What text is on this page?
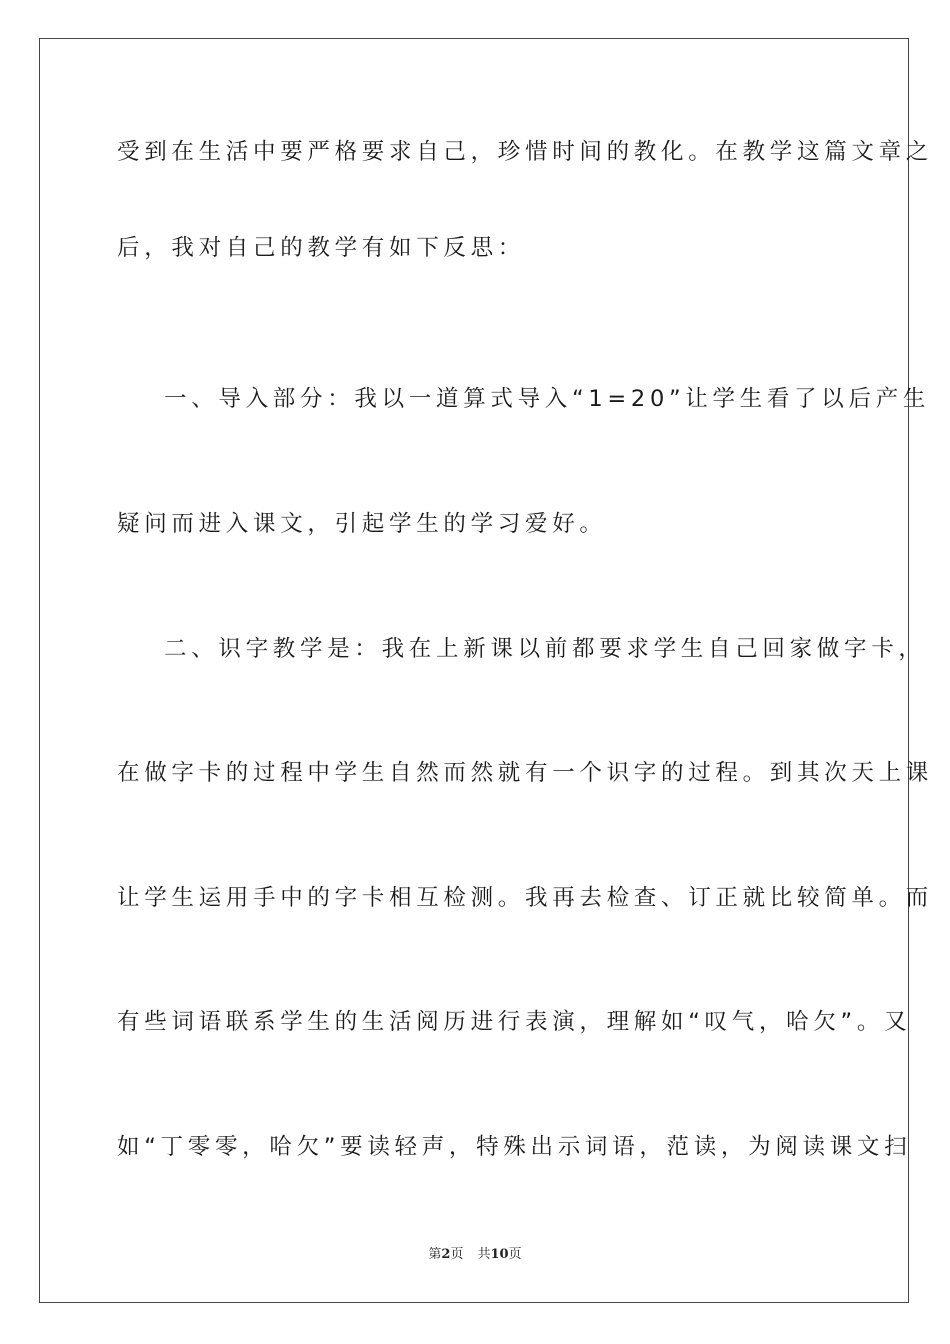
受到在生活中要严格要求自己，珍惜时间的教化。在教学这篇文章之

后，我对自己的教学有如下反思：

一、导入部分：我以一道算式导入“1=20”让学生看了以后产生

疑问而进入课文，引起学生的学习爱好。

二、识字教学是：我在上新课以前都要求学生自己回家做字卡，

在做字卡的过程中学生自然而然就有一个识字的过程。到其次天上课

让学生运用手中的字卡相互检测。我再去检查、订正就比较简单。而

有些词语联系学生的生活阅历进行表演，理解如“叹气，哈欠”。又

如“丁零零，哈欠”要读轻声，特殊出示词语，范读，为阅读课文扫

第2页 共10页
